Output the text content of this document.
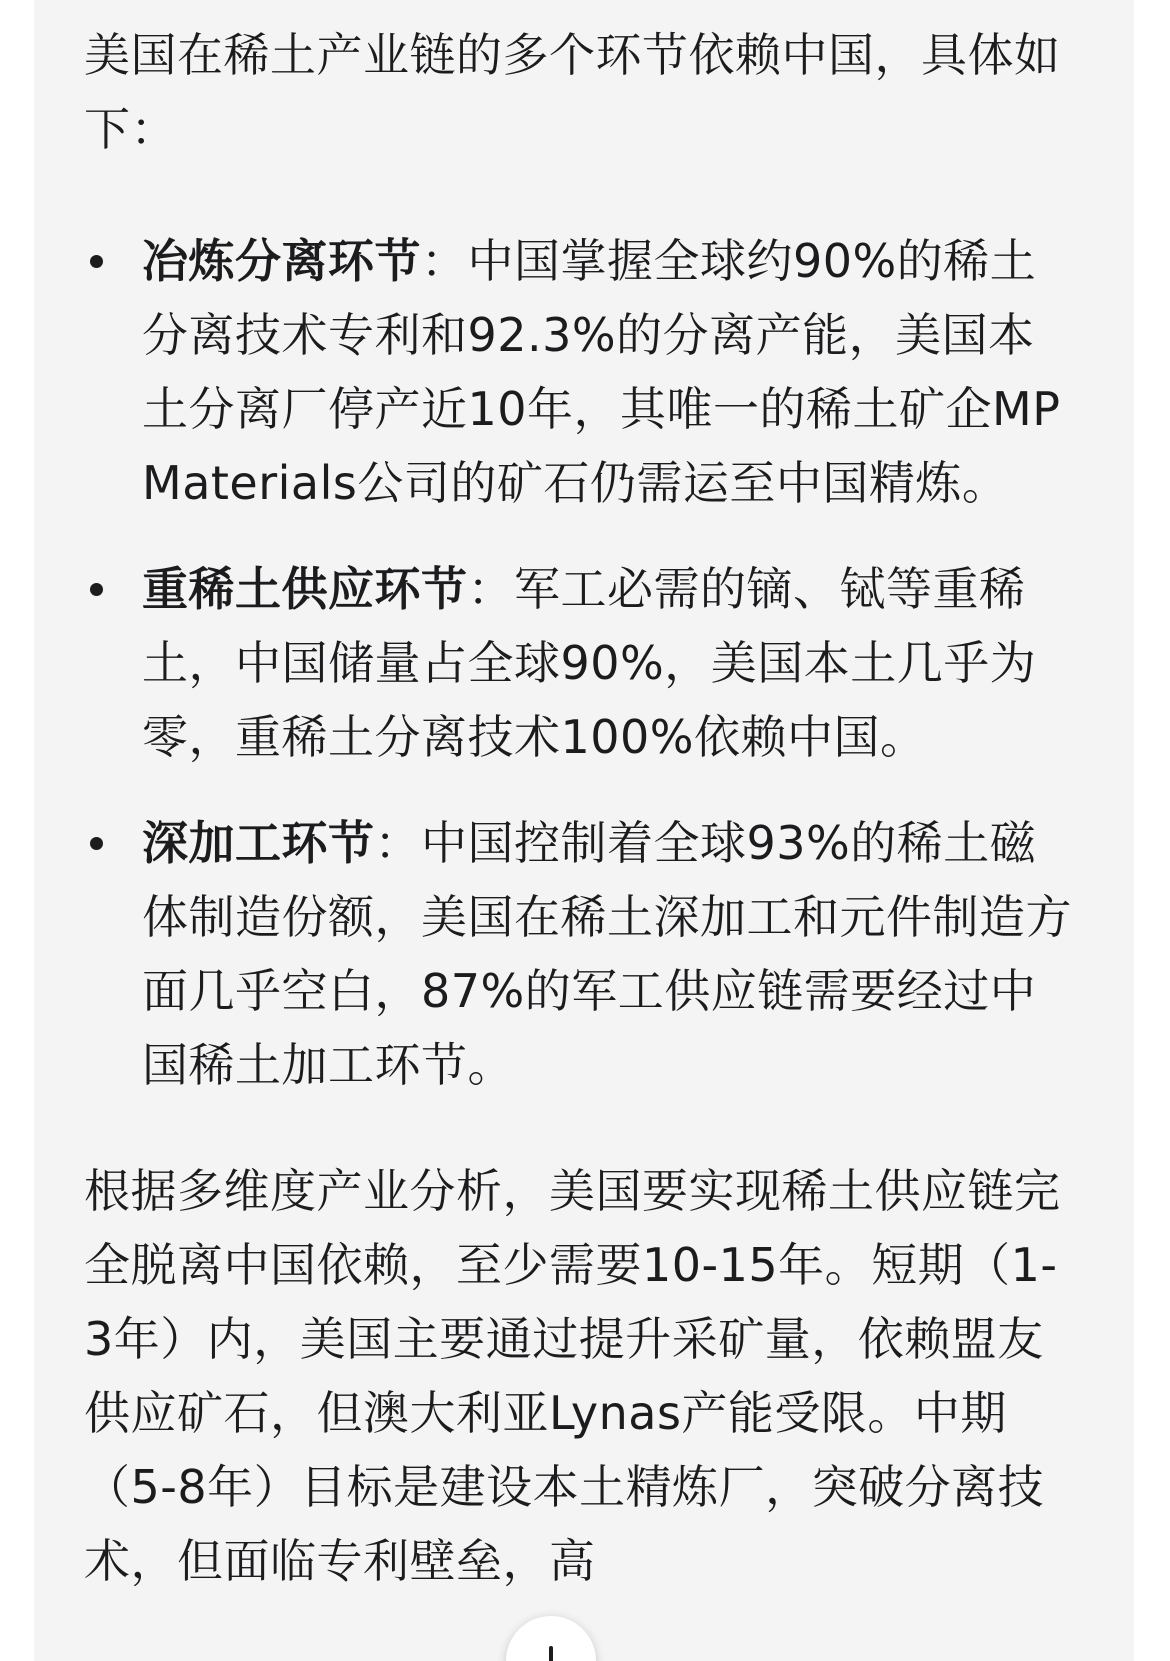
美国在稀土产业链的多个环节依赖中国，具体如下：

冶炼分离环节：中国掌握全球约90%的稀土分离技术专利和92.3%的分离产能，美国本土分离厂停产近10年，其唯一的稀土矿企MP Materials公司的矿石仍需运至中国精炼。
重稀土供应环节：军工必需的镝、铽等重稀土，中国储量占全球90%，美国本土几乎为零，重稀土分离技术100%依赖中国。
深加工环节：中国控制着全球93%的稀土磁体制造份额，美国在稀土深加工和元件制造方面几乎空白，87%的军工供应链需要经过中国稀土加工环节。

根据多维度产业分析，美国要实现稀土供应链完全脱离中国依赖，至少需要10-15年。短期（1-3年）内，美国主要通过提升采矿量，依赖盟友供应矿石，但澳大利亚Lynas产能受限。中期（5-8年）目标是建设本土精炼厂，突破分离技术，但面临专利壁垒，高
